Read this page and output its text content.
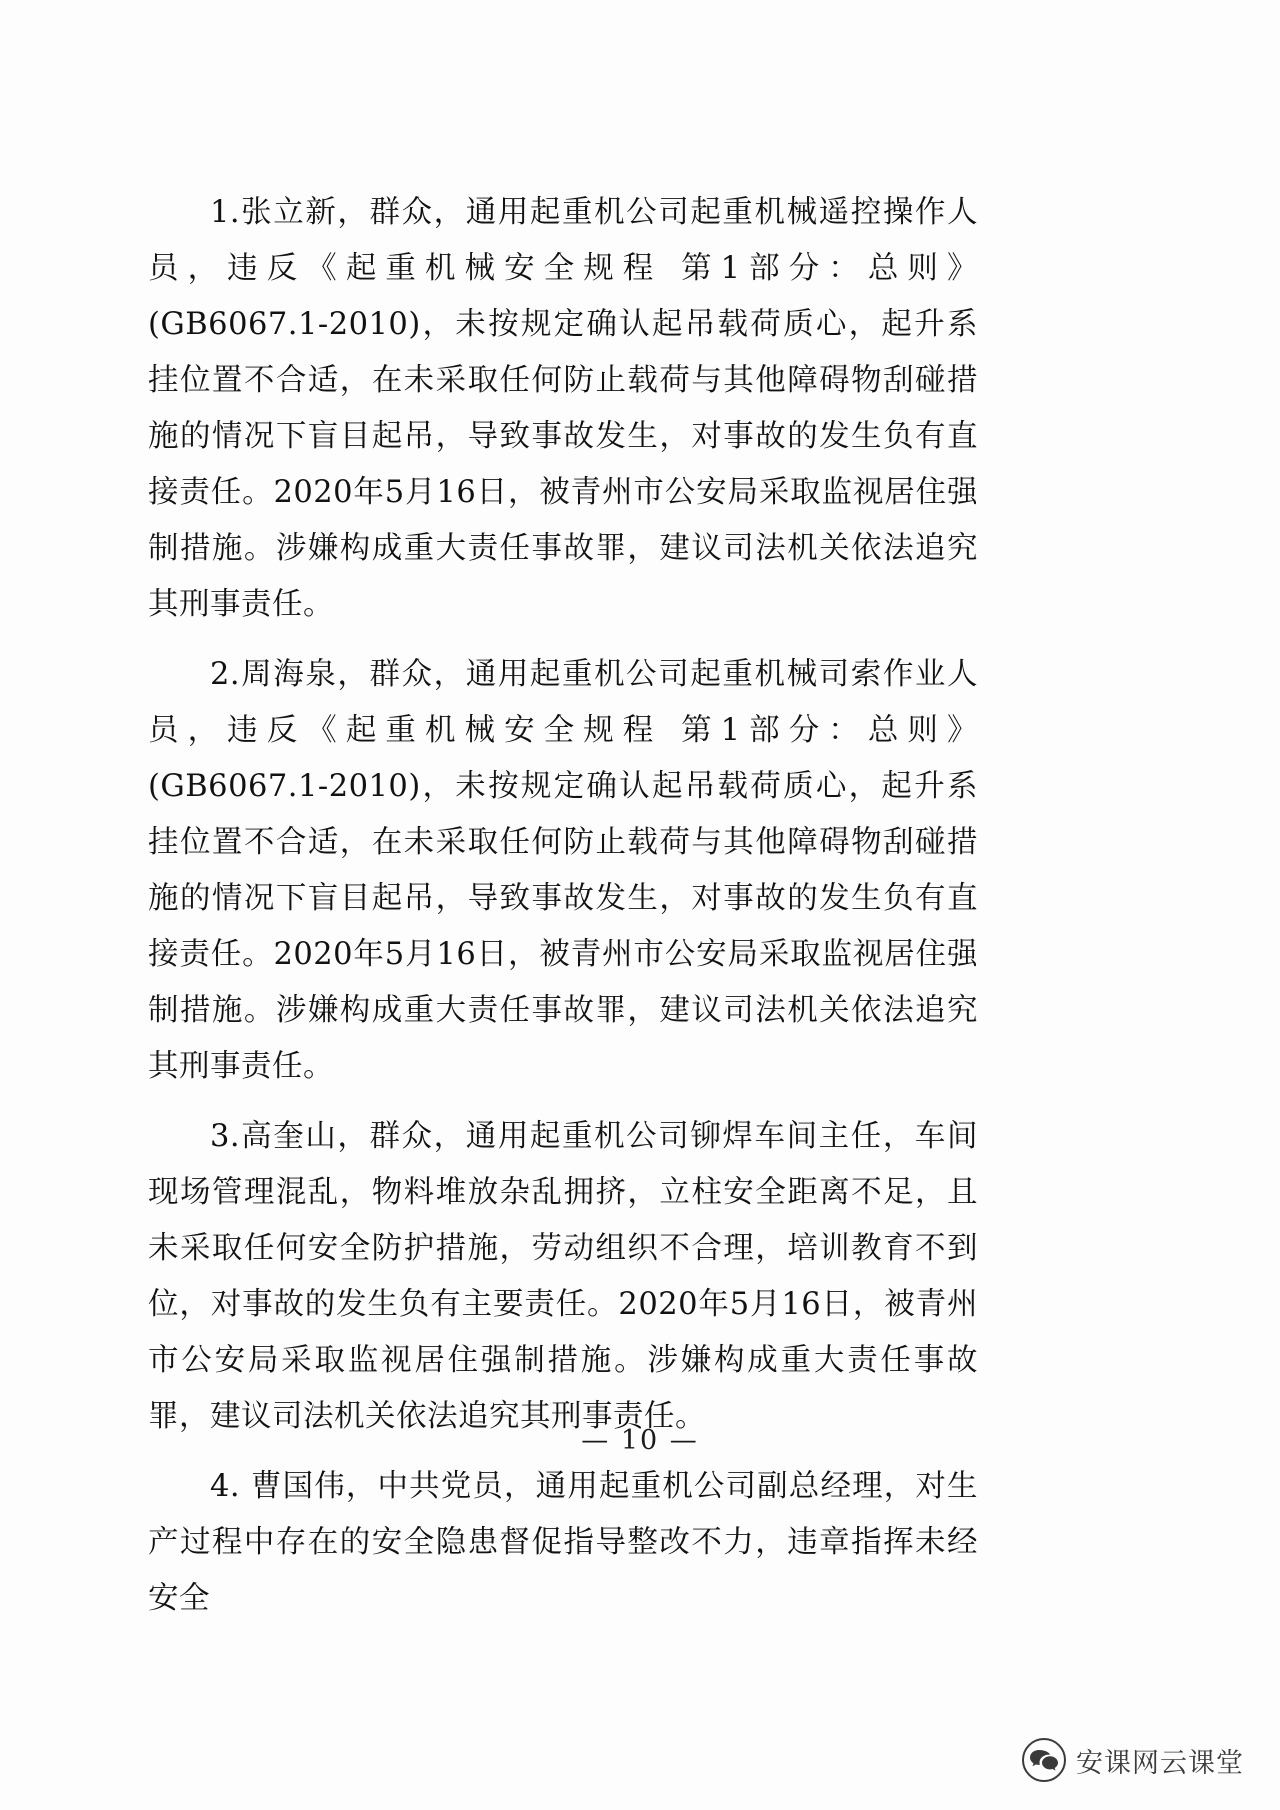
1.张立新，群众，通用起重机公司起重机械遥控操作人员，违反《起重机械安全规程 第1部分：总则》(GB6067.1-2010)，未按规定确认起吊载荷质心，起升系挂位置不合适，在未采取任何防止载荷与其他障碍物刮碰措施的情况下盲目起吊，导致事故发生，对事故的发生负有直接责任。2020年5月16日，被青州市公安局采取监视居住强制措施。涉嫌构成重大责任事故罪，建议司法机关依法追究其刑事责任。

2.周海泉，群众，通用起重机公司起重机械司索作业人员，违反《起重机械安全规程 第1部分：总则》(GB6067.1-2010)，未按规定确认起吊载荷质心，起升系挂位置不合适，在未采取任何防止载荷与其他障碍物刮碰措施的情况下盲目起吊，导致事故发生，对事故的发生负有直接责任。2020年5月16日，被青州市公安局采取监视居住强制措施。涉嫌构成重大责任事故罪，建议司法机关依法追究其刑事责任。

3.高奎山，群众，通用起重机公司铆焊车间主任，车间现场管理混乱，物料堆放杂乱拥挤，立柱安全距离不足，且未采取任何安全防护措施，劳动组织不合理，培训教育不到位，对事故的发生负有主要责任。2020年5月16日，被青州市公安局采取监视居住强制措施。涉嫌构成重大责任事故罪，建议司法机关依法追究其刑事责任。

4. 曹国伟，中共党员，通用起重机公司副总经理，对生产过程中存在的安全隐患督促指导整改不力，违章指挥未经安全

— 10 —
安课网云课堂
